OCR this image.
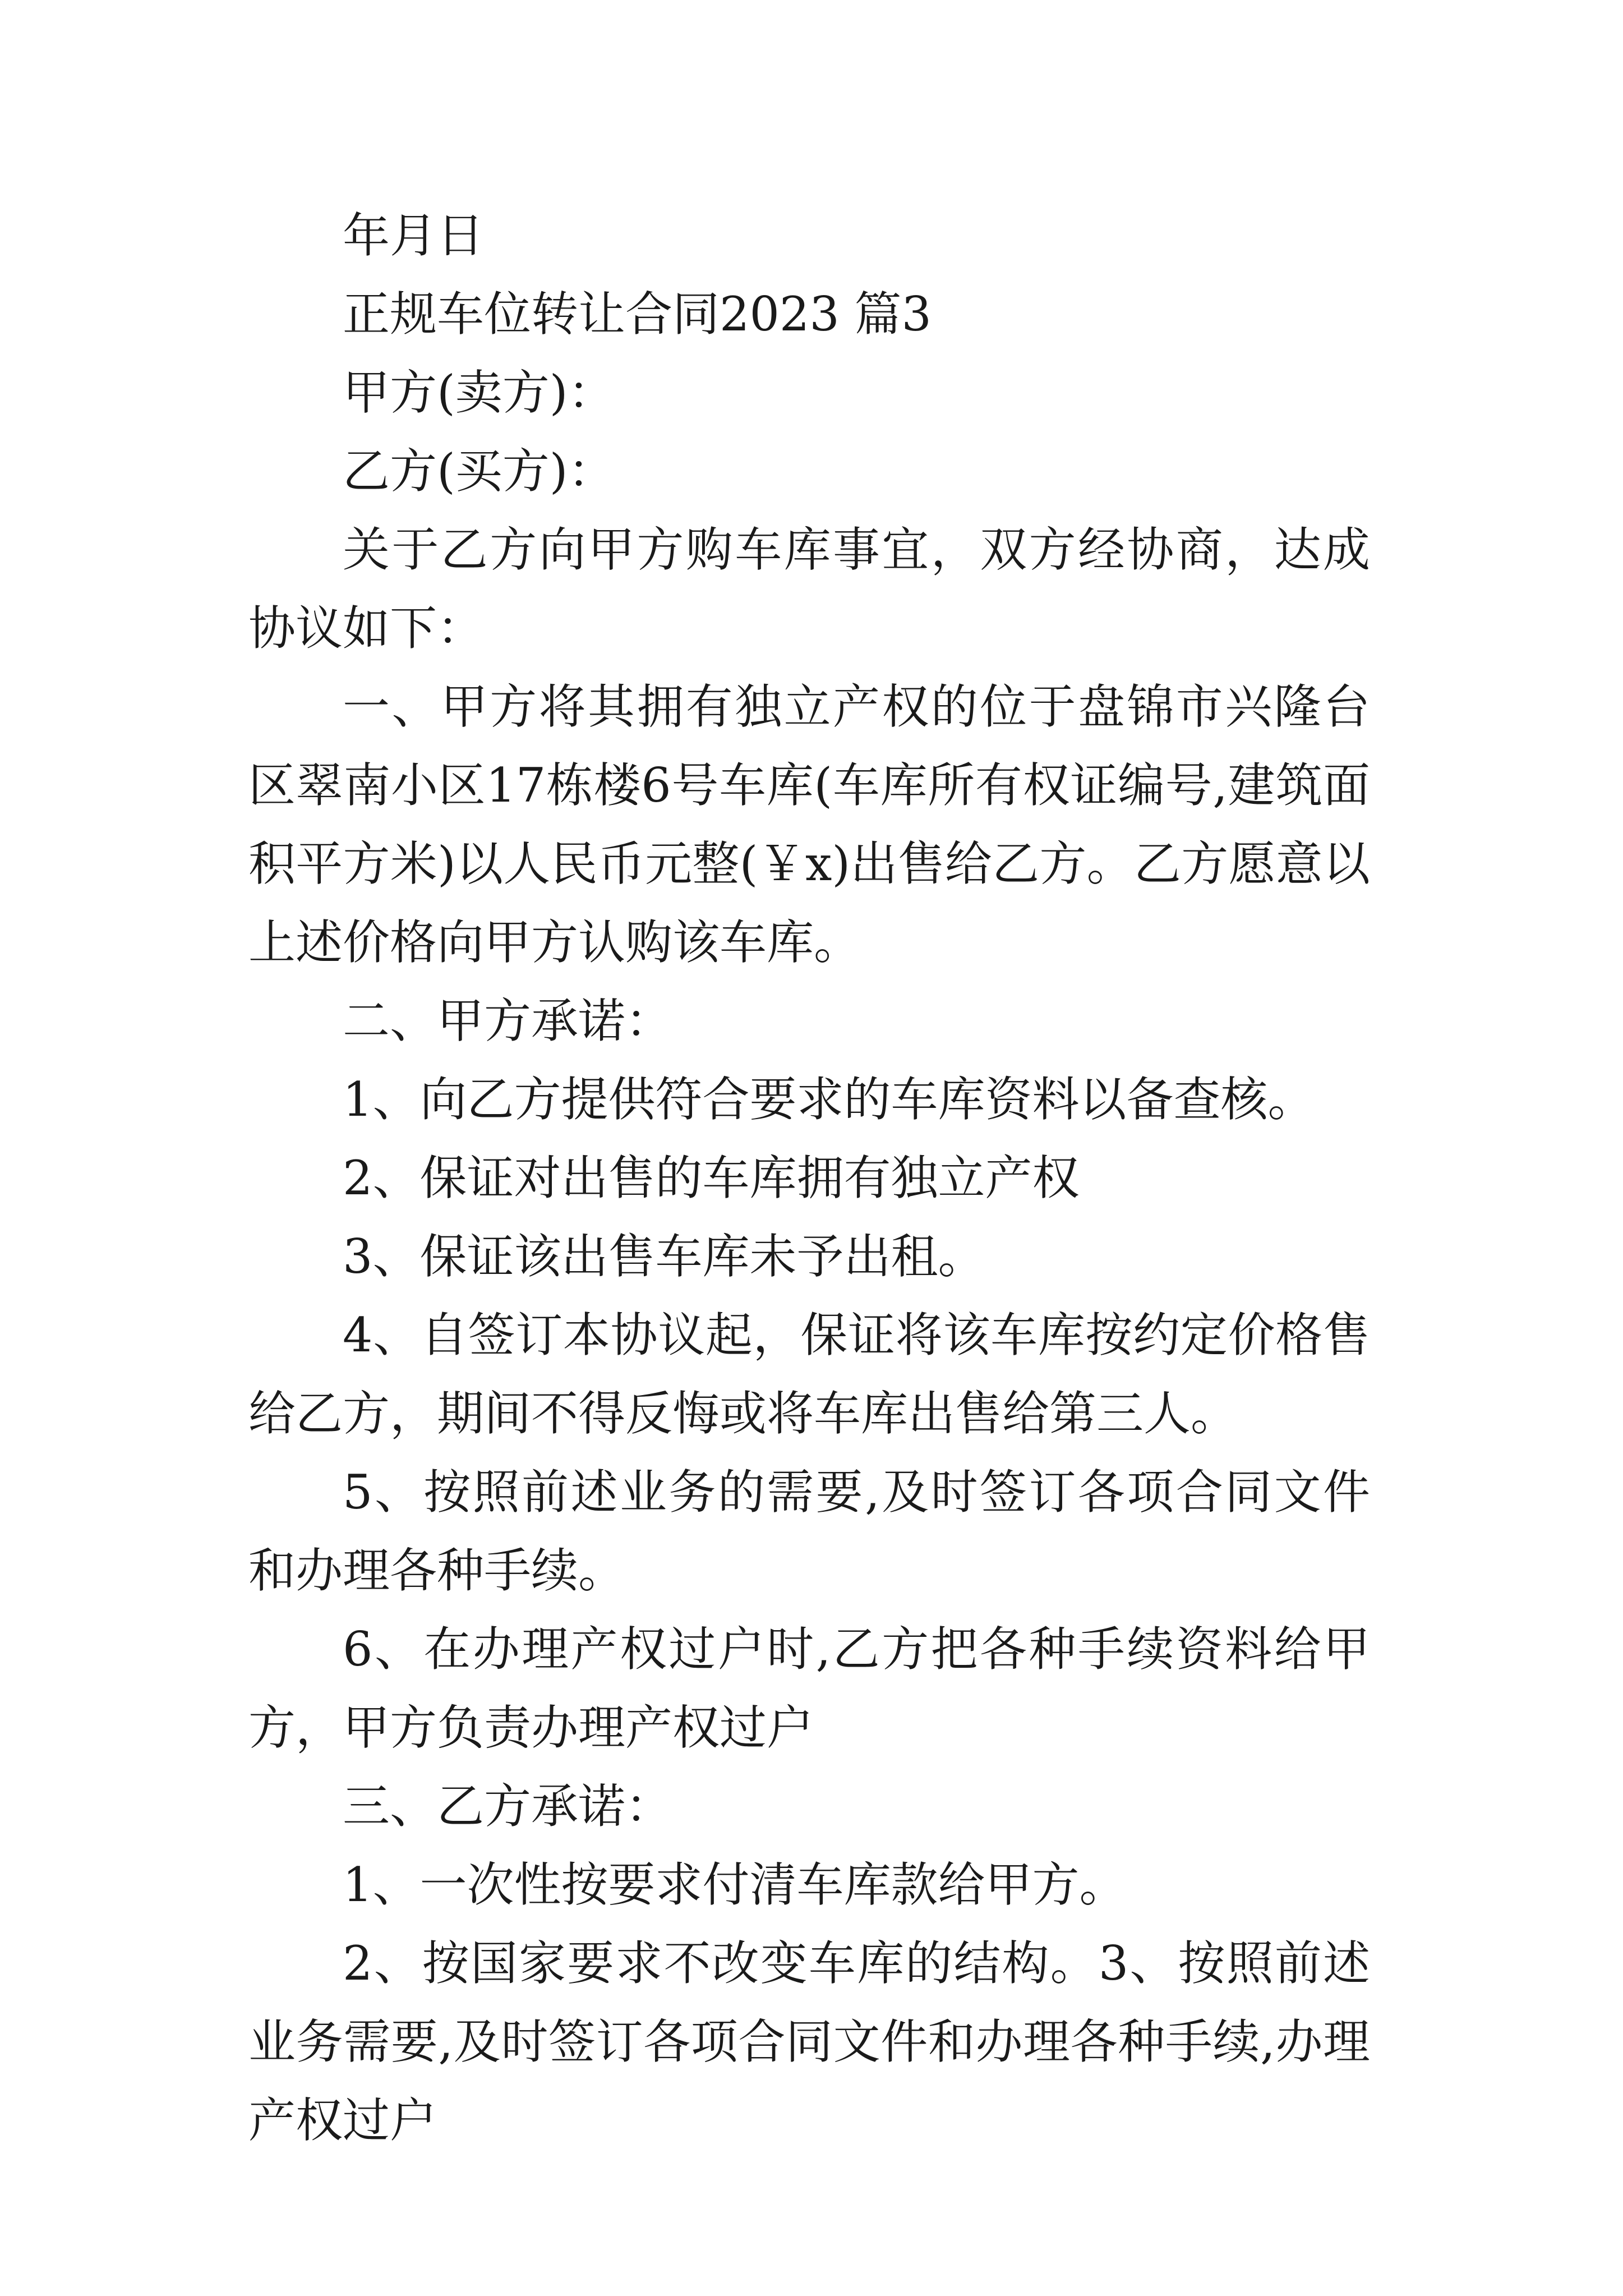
年月日

正规车位转让合同2023 篇3

甲方(卖方)：

乙方(买方)：

关于乙方向甲方购车库事宜，双方经协商，达成协议如下：

一、甲方将其拥有独立产权的位于盘锦市兴隆台区翠南小区17栋楼6号车库(车库所有权证编号,建筑面积平方米)以人民币元整(￥x)出售给乙方。乙方愿意以上述价格向甲方认购该车库。

二、甲方承诺：

1、向乙方提供符合要求的车库资料以备查核。

2、保证对出售的车库拥有独立产权

3、保证该出售车库未予出租。

4、自签订本协议起，保证将该车库按约定价格售给乙方，期间不得反悔或将车库出售给第三人。

5、按照前述业务的需要,及时签订各项合同文件和办理各种手续。

6、在办理产权过户时,乙方把各种手续资料给甲方，甲方负责办理产权过户

三、乙方承诺：

1、一次性按要求付清车库款给甲方。

2、按国家要求不改变车库的结构。3、按照前述业务需要,及时签订各项合同文件和办理各种手续,办理产权过户
